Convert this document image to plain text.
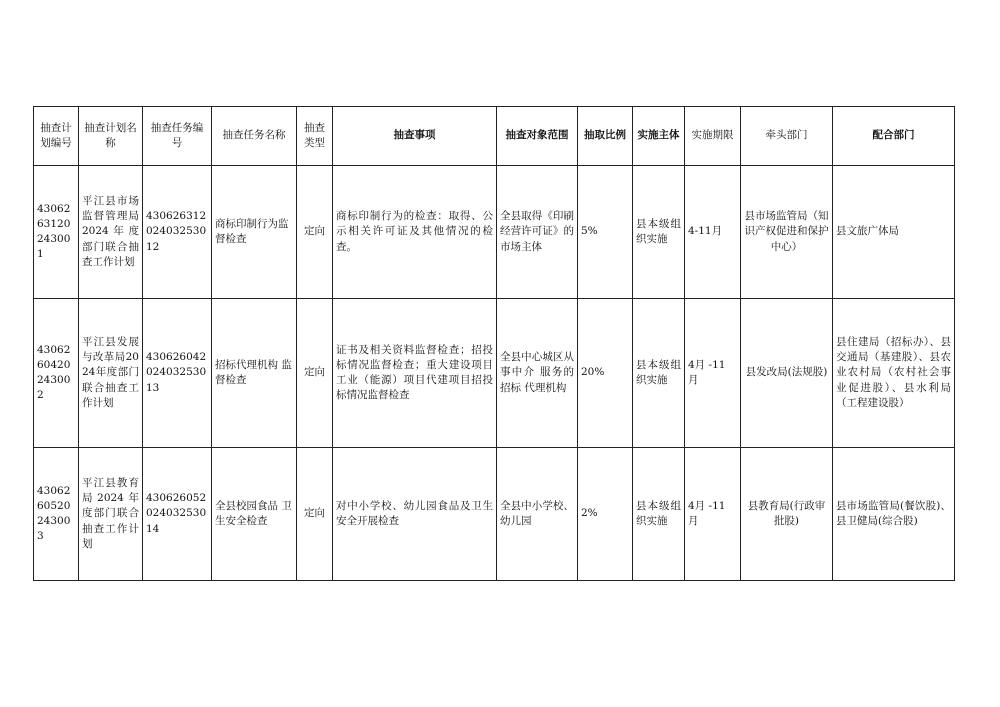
抽查计划编号	抽查计划名称	抽查任务编号	抽查任务名称	抽查类型	抽查事项	抽查对象范围	抽取比例	实施主体	实施期限	牵头部门	配合部门
430626312024300 1	平江县市场监督管理局2024年度部门联合抽查工作计划	430626312024032530 12	商标印制行为监督检查	定向	商标印制行为的检查：取得、公示相关许可证及其他情况的检查。	全县取得《印刷经营许可证》的市场主体	5%	县本级组织实施	4-11月	县市场监管局（知识产权促进和保护中心）	县文旅广体局
430626042024300 2	平江县发展与改革局2024年度部门联合抽查工作计划	430626042024032530 13	招标代理机构 监督检查	定向	证书及相关资料监督检查；招投标情况监督检查；重大建设项目工业（能源）项目代建项目招投标情况监督检查	全县中心城区从事中介 服务的招标 代理机构	20%	县本级组织实施	4月 -11 月	县发改局(法规股)	县住建局（招标办）、县交通局（基建股）、县农业农村局（农村社会事业促进股）、县水利局（工程建设股）
430626052024300 3	平江县教育局2024年度部门联合抽查工作计划	430626052024032530 14	全县校园食品 卫生安全检查	定向	对中小学校、幼儿园食品及卫生安全开展检查	全县中小学校、幼儿园	2%	县本级组织实施	4月 -11 月	县教育局(行政审批股)	县市场监管局(餐饮股)、县卫健局(综合股)
